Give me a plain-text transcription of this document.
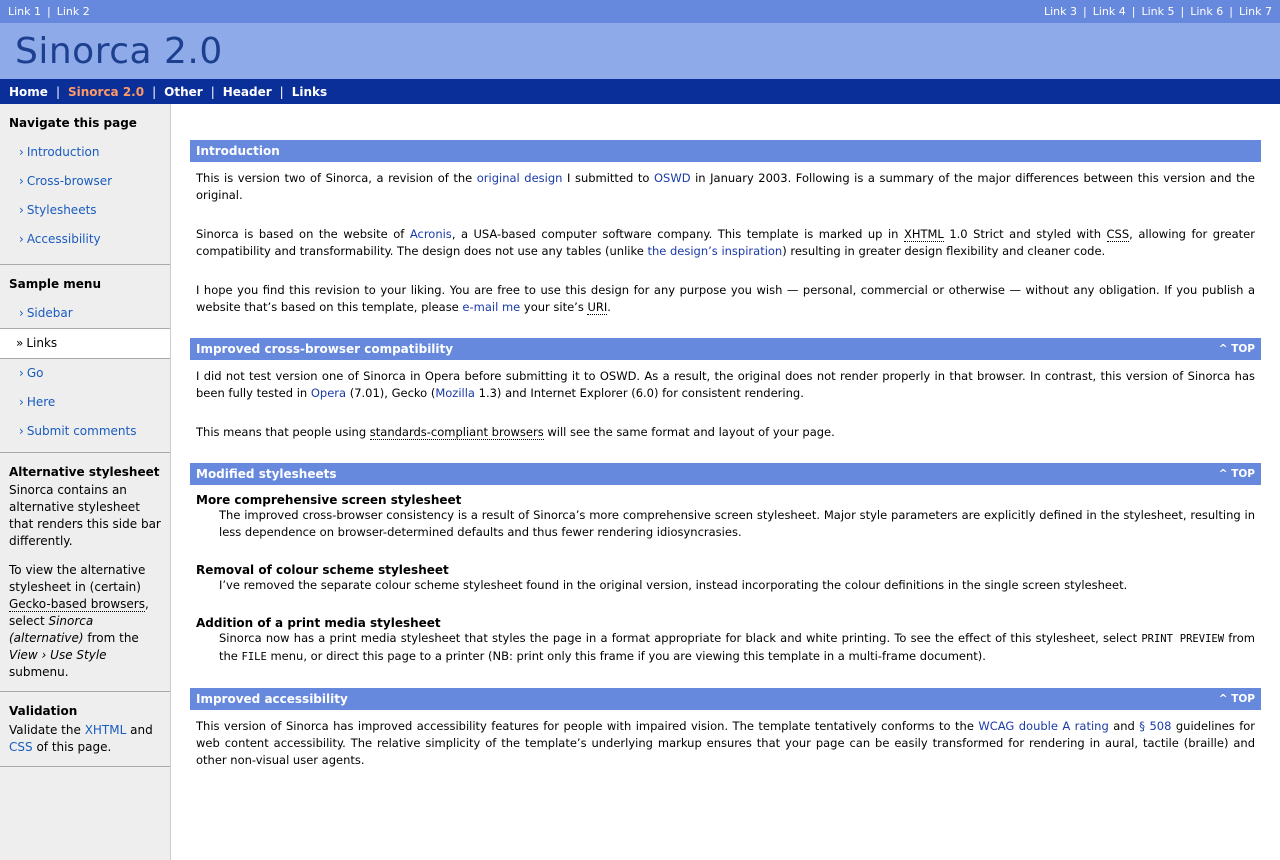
Link 1 | Link 2	Link 3 | Link 4 | Link 5 | Link 6 | Link 7
Sinorca 2.0
Home | Sinorca 2.0 | Other | Header | Links
Navigate this page
› Introduction
› Cross-browser
› Stylesheets
› Accessibility
Sample menu
› Sidebar
» Links
› Go
› Here
› Submit comments
Alternative stylesheet

Sinorca contains an alternative stylesheet that renders this side bar differently.

To view the alternative stylesheet in (certain) Gecko-based browsers, select Sinorca (alternative) from the View › Use Style submenu.

Validation

Validate the XHTML and CSS of this page.

Introduction

This is version two of Sinorca, a revision of the original design I submitted to OSWD in January 2003. Following is a summary of the major differences between this version and the original.

Sinorca is based on the website of Acronis, a USA-based computer software company. This template is marked up in XHTML 1.0 Strict and styled with CSS, allowing for greater compatibility and transformability. The design does not use any tables (unlike the design’s inspiration) resulting in greater design flexibility and cleaner code.

I hope you find this revision to your liking. You are free to use this design for any purpose you wish — personal, commercial or otherwise — without any obligation. If you publish a website that’s based on this template, please e-mail me your site’s URI.

Improved cross-browser compatibility	^ TOP

I did not test version one of Sinorca in Opera before submitting it to OSWD. As a result, the original does not render properly in that browser. In contrast, this version of Sinorca has been fully tested in Opera (7.01), Gecko (Mozilla 1.3) and Internet Explorer (6.0) for consistent rendering.

This means that people using standards-compliant browsers will see the same format and layout of your page.

Modified stylesheets	^ TOP
More comprehensive screen stylesheet
The improved cross-browser consistency is a result of Sinorca’s more comprehensive screen stylesheet. Major style parameters are explicitly defined in the stylesheet, resulting in less dependence on browser-determined defaults and thus fewer rendering idiosyncrasies.
Removal of colour scheme stylesheet
I’ve removed the separate colour scheme stylesheet found in the original version, instead incorporating the colour definitions in the single screen stylesheet.
Addition of a print media stylesheet
Sinorca now has a print media stylesheet that styles the page in a format appropriate for black and white printing. To see the effect of this stylesheet, select PRINT PREVIEW from the FILE menu, or direct this page to a printer (NB: print only this frame if you are viewing this template in a multi-frame document).
Improved accessibility	^ TOP

This version of Sinorca has improved accessibility features for people with impaired vision. The template tentatively conforms to the WCAG double A rating and § 508 guidelines for web content accessibility. The relative simplicity of the template’s underlying markup ensures that your page can be easily transformed for rendering in aural, tactile (braille) and other non-visual user agents.
